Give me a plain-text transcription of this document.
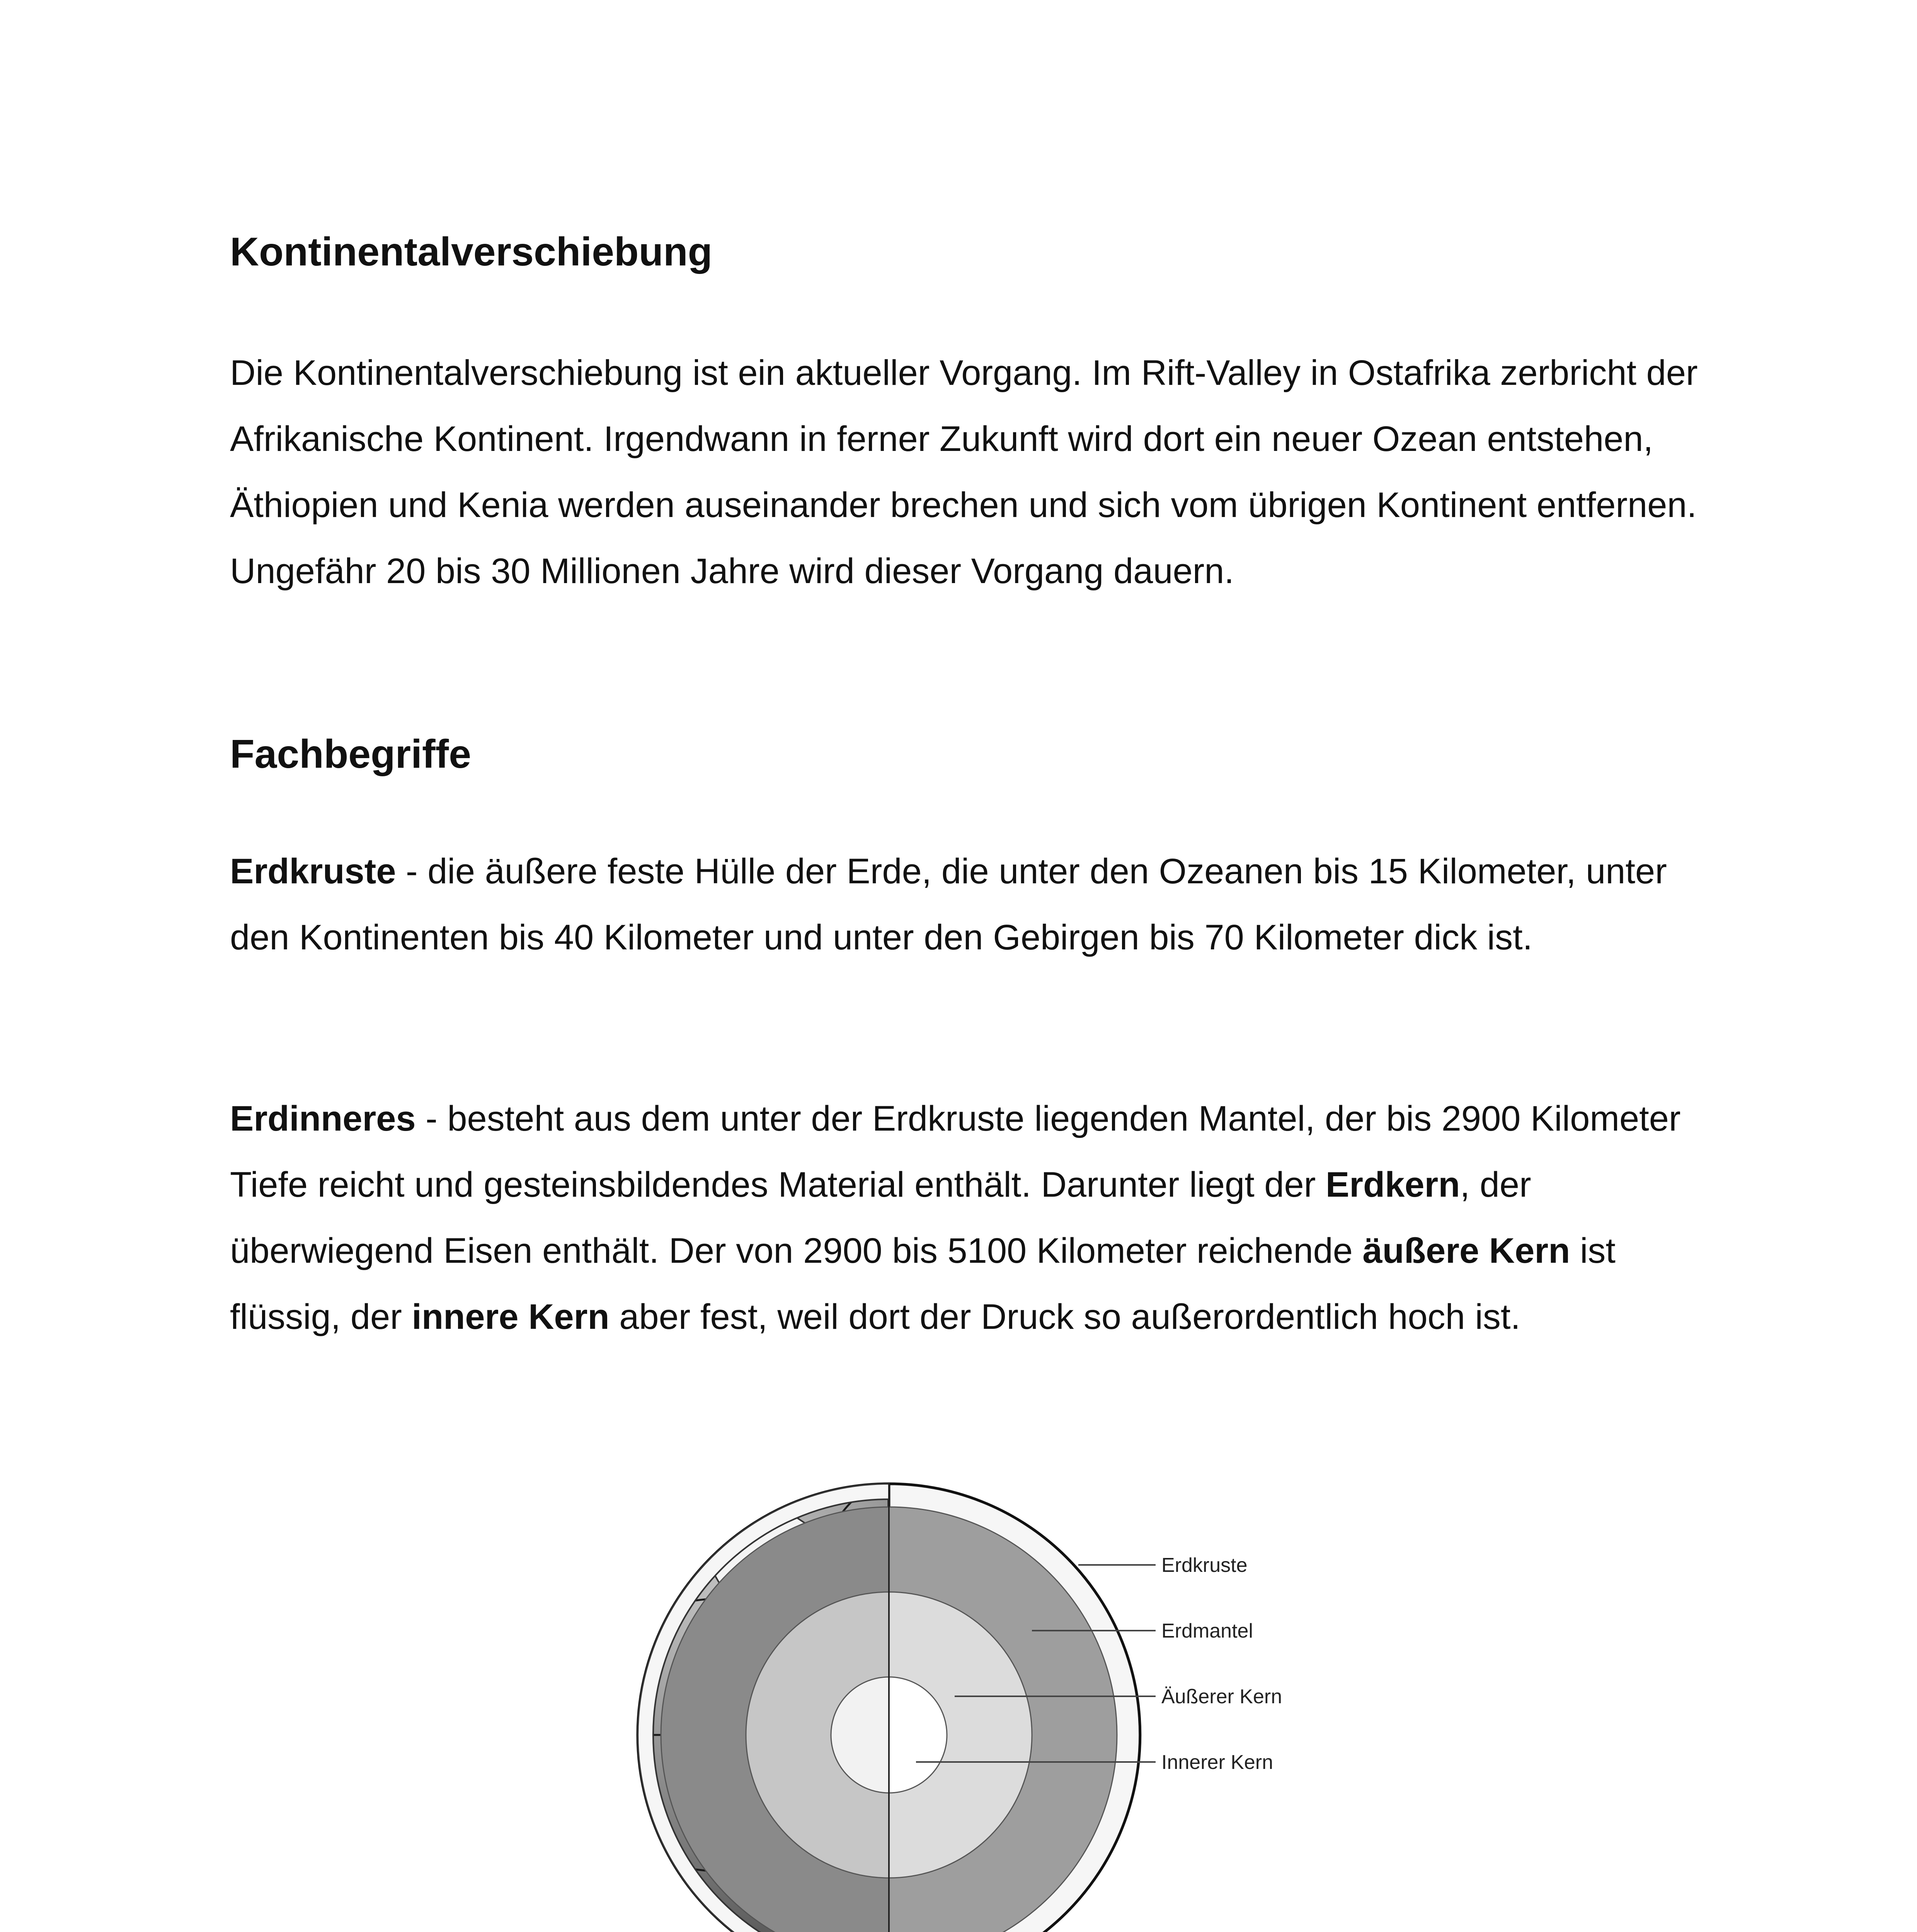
Kontinentalverschiebung

Die Kontinentalverschiebung ist ein aktueller Vorgang. Im Rift-Valley in Ostafrika zerbricht der Afrikanische Kontinent. Irgendwann in ferner Zukunft wird dort ein neuer Ozean entstehen, Äthiopien und Kenia werden auseinander brechen und sich vom übrigen Kontinent entfernen. Ungefähr 20 bis 30 Millionen Jahre wird dieser Vorgang dauern.

Fachbegriffe

Erdkruste - die äußere feste Hülle der Erde, die unter den Ozeanen bis 15 Kilometer, unter den Kontinenten bis 40 Kilometer und unter den Gebirgen bis 70 Kilometer dick ist.

Erdinneres - besteht aus dem unter der Erdkruste liegenden Mantel, der bis 2900 Kilometer Tiefe reicht und gesteinsbildendes Material enthält. Darunter liegt der Erdkern, der überwiegend Eisen enthält. Der von 2900 bis 5100 Kilometer reichende äußere Kern ist flüssig, der innere Kern aber fest, weil dort der Druck so außerordentlich hoch ist.

Erdkruste
Erdmantel
Äußerer Kern
Innerer Kern
